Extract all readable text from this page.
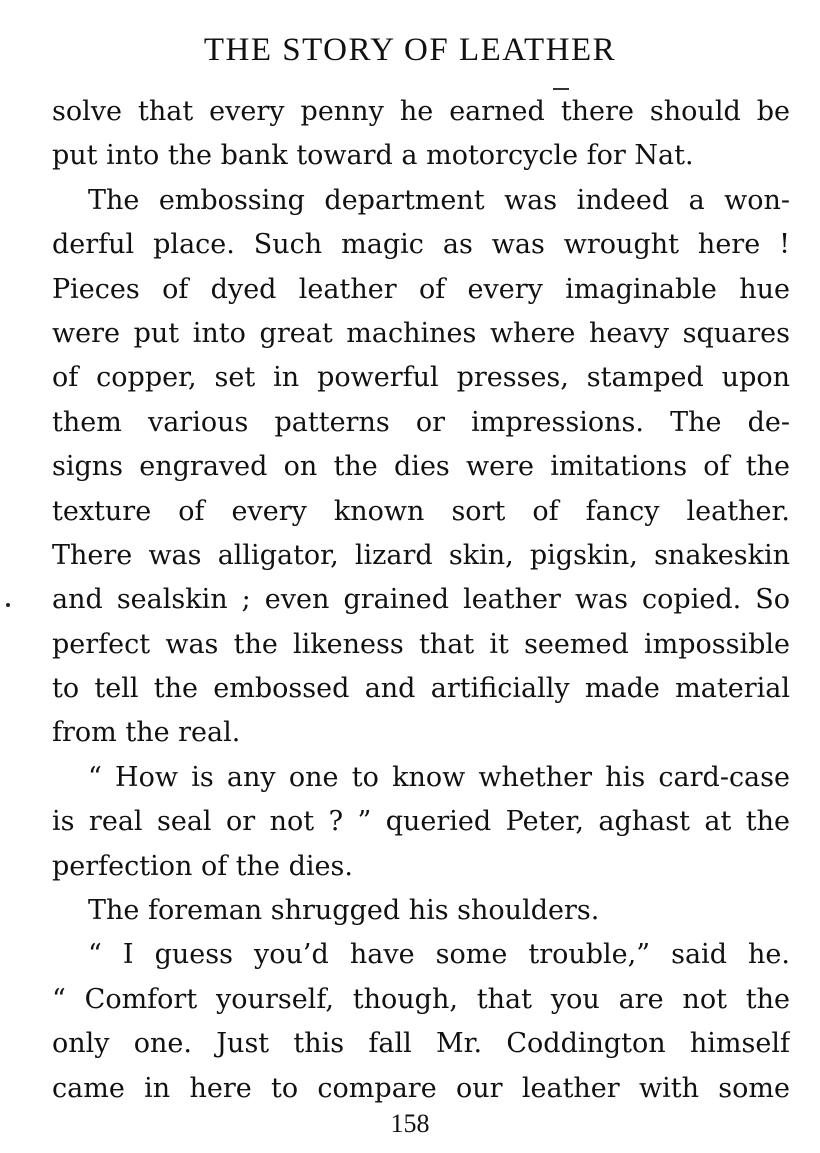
THE STORY OF LEATHER
solve that every penny he earned there should be
put into the bank toward a motorcycle for Nat.
The embossing department was indeed a won-
derful place. Such magic as was wrought here !
Pieces of dyed leather of every imaginable hue
were put into great machines where heavy squares
of copper, set in powerful presses, stamped upon
them various patterns or impressions. The de-
signs engraved on the dies were imitations of the
texture of every known sort of fancy leather.
There was alligator, lizard skin, pigskin, snakeskin
and sealskin ; even grained leather was copied. So
perfect was the likeness that it seemed impossible
to tell the embossed and artificially made material
from the real.
“ How is any one to know whether his card-case
is real seal or not ? ” queried Peter, aghast at the
perfection of the dies.
The foreman shrugged his shoulders.
“ I guess you’d have some trouble,” said he.
“ Comfort yourself, though, that you are not the
only one. Just this fall Mr. Coddington himself
came in here to compare our leather with some
158
